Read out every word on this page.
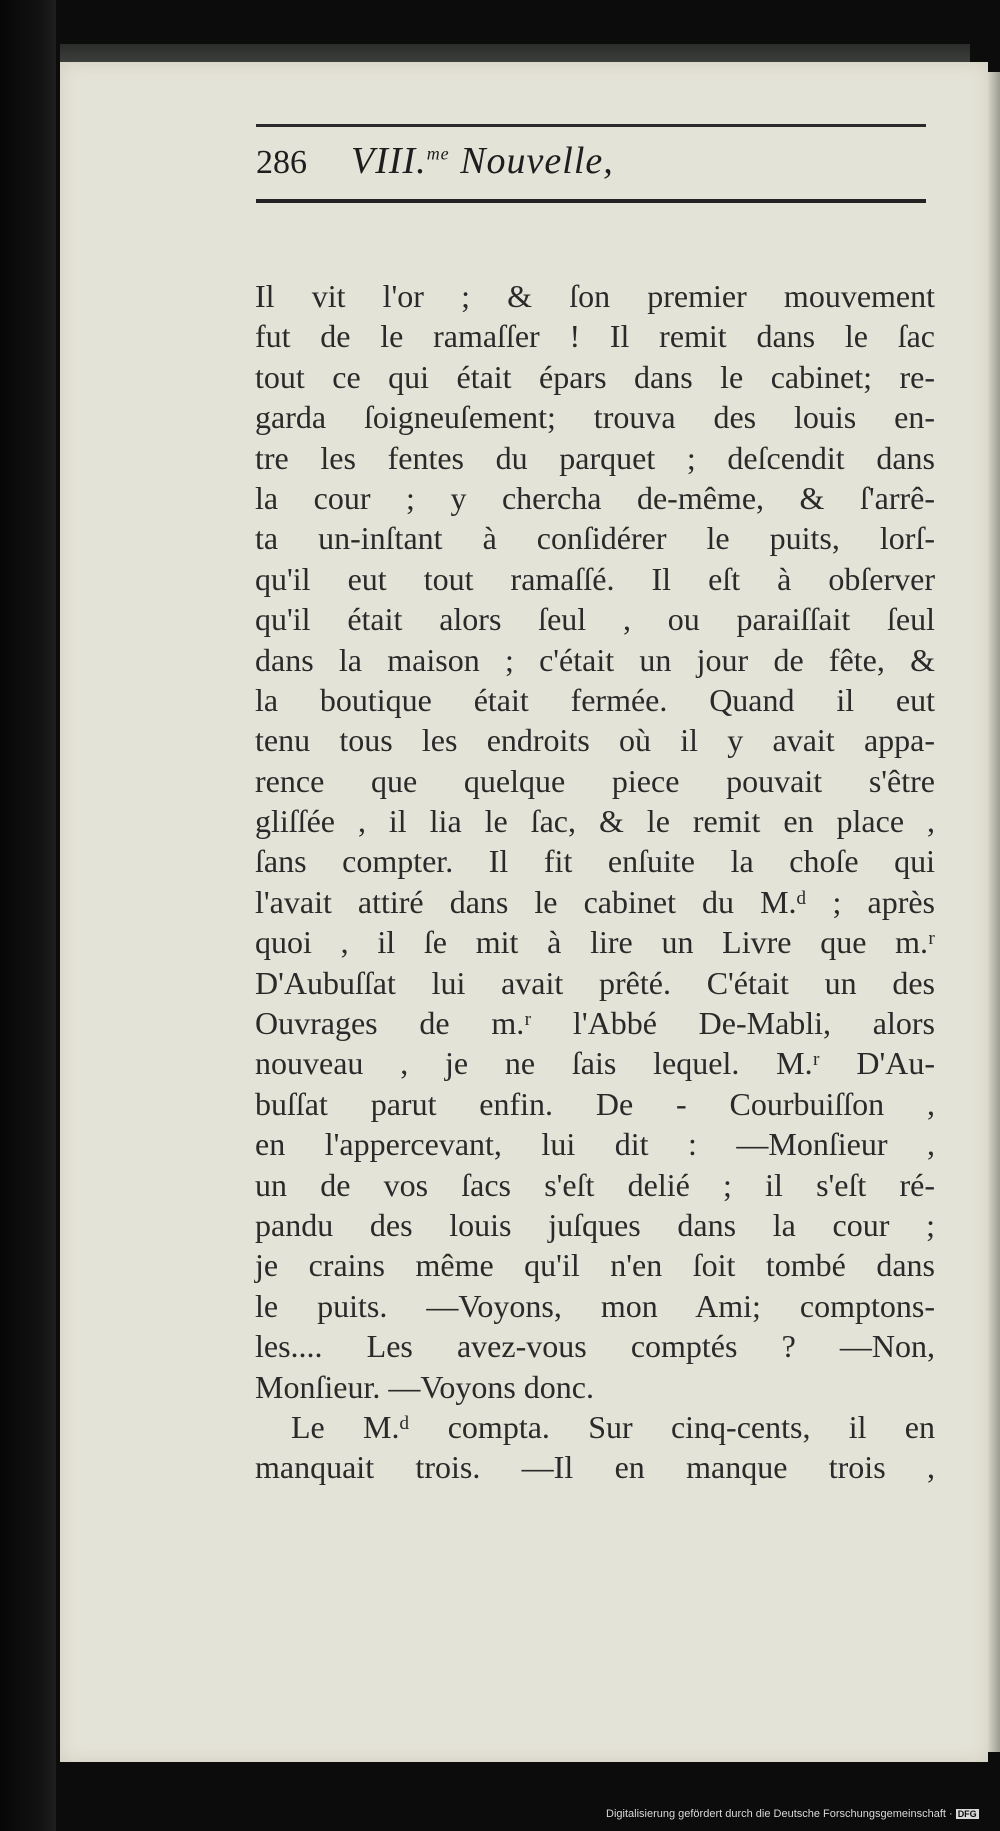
286	VIII.$^{me}$ Nouvelle,
Il vit l'or ; & ſon premier mouvement
fut de le ramaſſer ! Il remit dans le ſac
tout ce qui était épars dans le cabinet; re-
garda ſoigneuſement; trouva des louis en-
tre les fentes du parquet ; deſcendit dans
la cour ; y chercha de-même, & ſ'arrê-
ta un-inſtant à conſidérer le puits, lorſ-
qu'il eut tout ramaſſé. Il eſt à obſerver
qu'il était alors ſeul , ou paraiſſait ſeul
dans la maison ; c'était un jour de fête, &
la boutique était fermée. Quand il eut
tenu tous les endroits où il y avait appa-
rence que quelque piece pouvait s'être
gliſſée , il lia le ſac, & le remit en place ,
ſans compter. Il fit enſuite la choſe qui
l'avait attiré dans le cabinet du M.ᵈ ; après
quoi , il ſe mit à lire un Livre que m.ʳ
D'Aubuſſat lui avait prêté. C'était un des
Ouvrages de m.ʳ l'Abbé De-Mabli, alors
nouveau , je ne ſais lequel. M.ʳ D'Au-
buſſat parut enfin. De - Courbuiſſon ,
en l'appercevant, lui dit : —Monſieur ,
un de vos ſacs s'eſt delié ; il s'eſt ré-
pandu des louis juſques dans la cour ;
je crains même qu'il n'en ſoit tombé dans
le puits. —Voyons, mon Ami; comptons-
les.... Les avez-vous comptés ? —Non,
Monſieur. —Voyons donc.
Le M.ᵈ compta. Sur cinq-cents, il en
manquait trois. —Il en manque trois ,
Digitalisierung gefördert durch die Deutsche Forschungsgemeinschaft · DFG
